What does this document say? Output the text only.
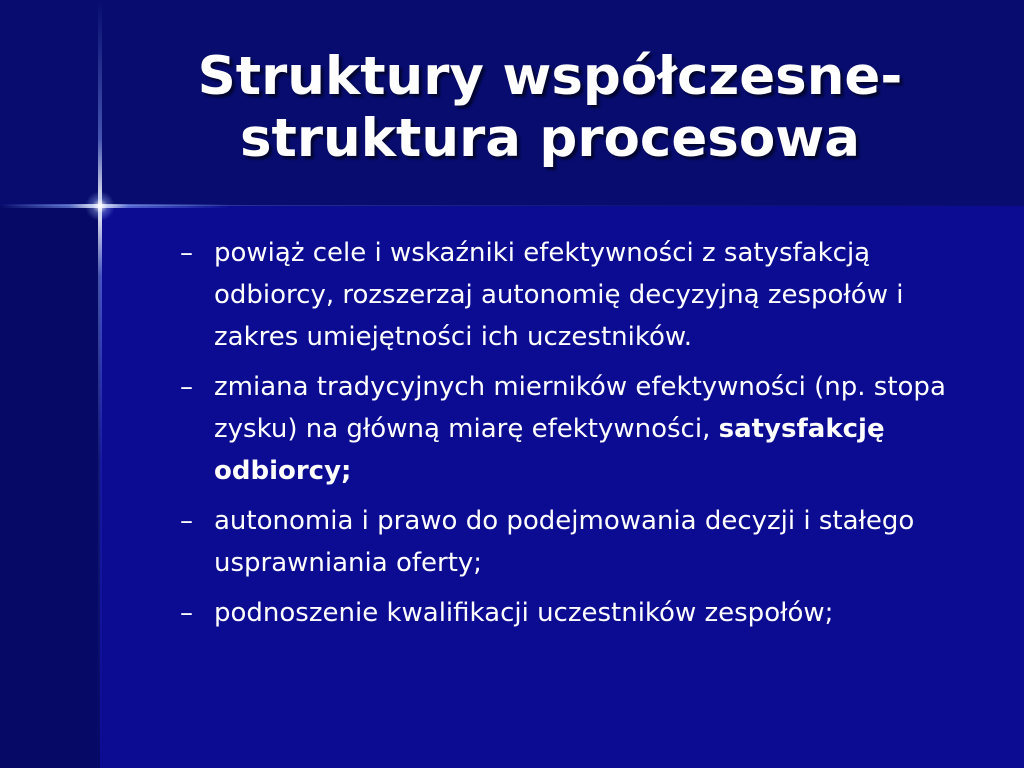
Struktury współczesne-
struktura procesowa
– powiąż cele i wskaźniki efektywności z satysfakcją odbiorcy, rozszerzaj autonomię decyzyjną zespołów i zakres umiejętności ich uczestników.
– zmiana tradycyjnych mierników efektywności (np. stopa zysku) na główną miarę efektywności, satysfakcję odbiorcy;
– autonomia i prawo do podejmowania decyzji i stałego usprawniania oferty;
– podnoszenie kwalifikacji uczestników zespołów;
